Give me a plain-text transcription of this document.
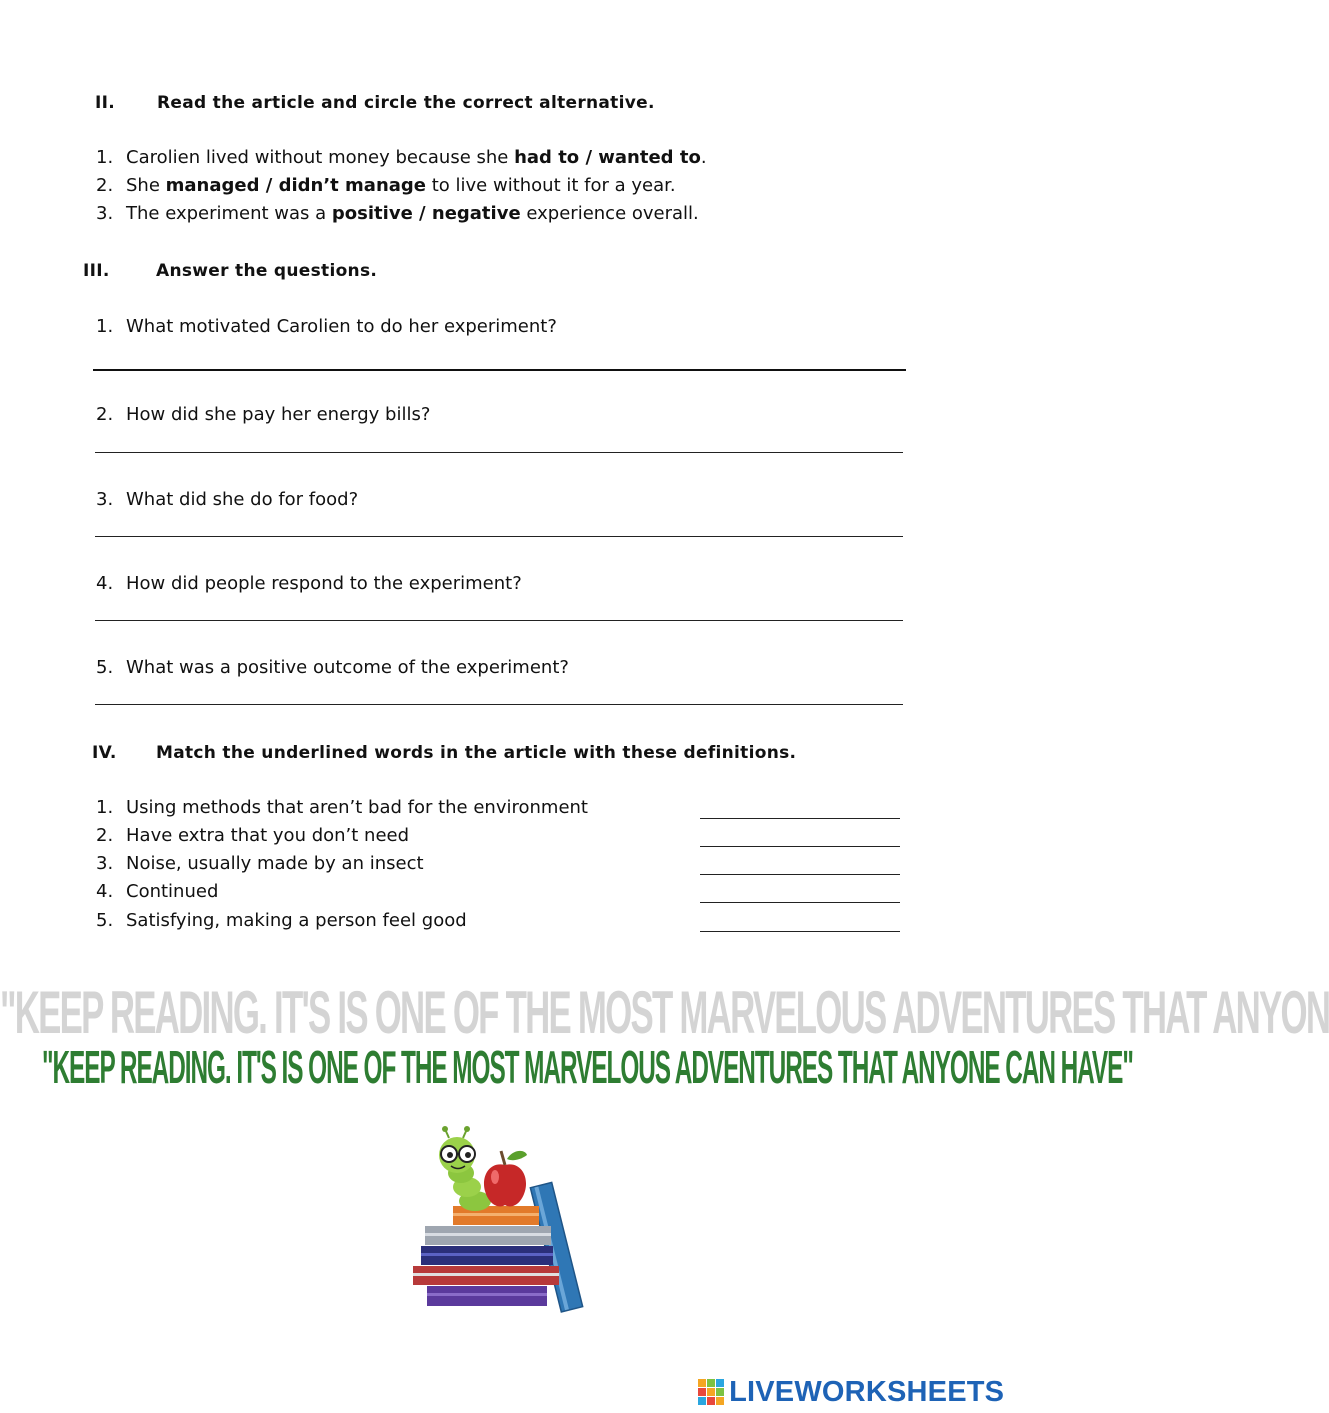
II. Read the article and circle the correct alternative.
1. Carolien lived without money because she had to / wanted to.
2. She managed / didn’t manage to live without it for a year.
3. The experiment was a positive / negative experience overall.
III.	Answer the questions.
1. What motivated Carolien to do her experiment?
2. How did she pay her energy bills?
3. What did she do for food?
4. How did people respond to the experiment?
5. What was a positive outcome of the experiment?
IV. Match the underlined words in the article with these definitions.
1. Using methods that aren’t bad for the environment
2. Have extra that you don’t need
3. Noise, usually made by an insect
4. Continued
5. Satisfying, making a person feel good
"KEEP READING. IT'S IS ONE OF THE MOST MARVELOUS ADVENTURES THAT ANYON
"KEEP READING. IT'S IS ONE OF THE MOST MARVELOUS ADVENTURES THAT ANYONE CAN HAVE"
LIVEWORKSHEETS
